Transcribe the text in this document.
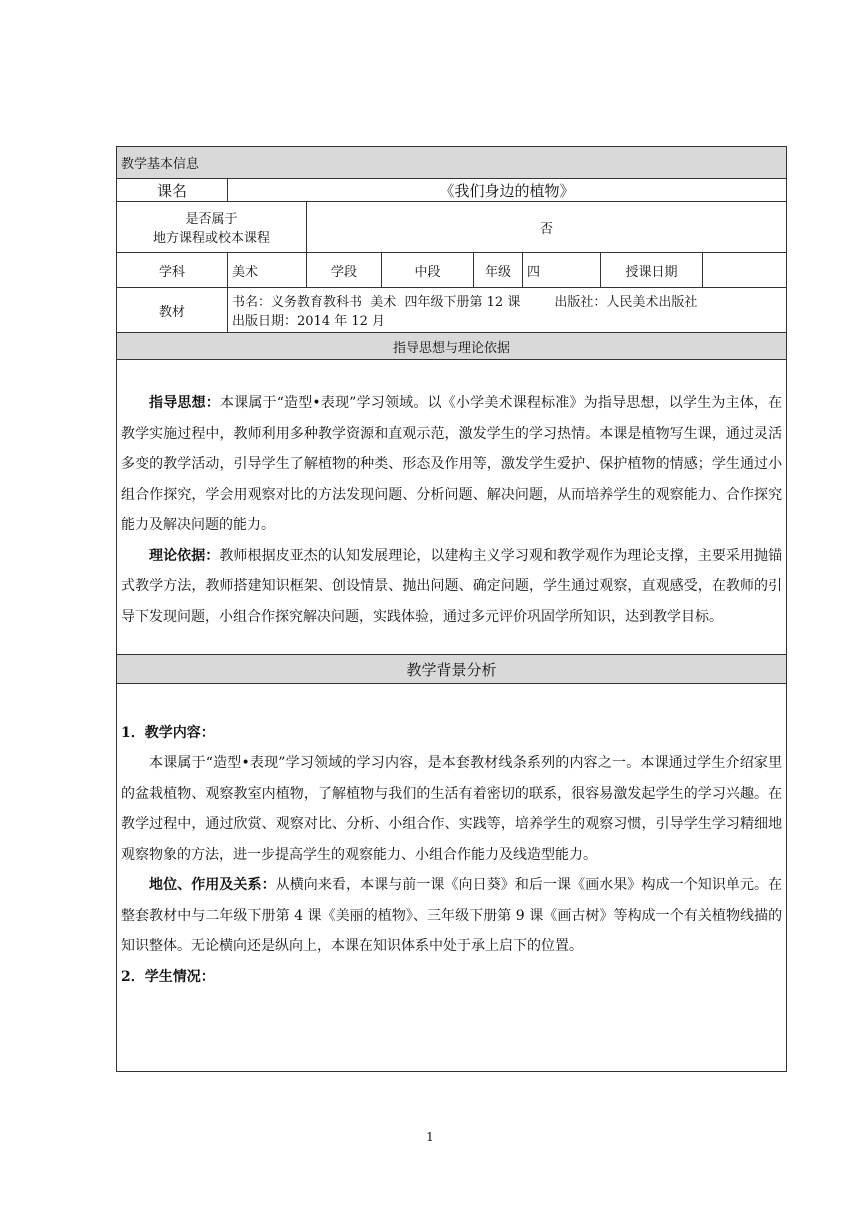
教学基本信息							
课名	《我们身边的植物》						

是否属于
地方课程或校本课程		否					
学科	美术	学段	中段	年级	四	授课日期	
教材	书名：义务教育教科书  美术  四年级下册第 12 课 出版社：人民美术出版社
出版日期：2014 年 12 月						

指导思想与理论依据							

指导思想：本课属于“造型•表现”学习领域。以《小学美术课程标准》为指导思想，以学生为主体，在教学实施过程中，教师利用多种教学资源和直观示范，激发学生的学习热情。本课是植物写生课，通过灵活多变的教学活动，引导学生了解植物的种类、形态及作用等，激发学生爱护、保护植物的情感；学生通过小组合作探究，学会用观察对比的方法发现问题、分析问题、解决问题，从而培养学生的观察能力、合作探究能力及解决问题的能力。

理论依据：教师根据皮亚杰的认知发展理论，以建构主义学习观和教学观作为理论支撑，主要采用抛锚式教学方法，教师搭建知识框架、创设情景、抛出问题、确定问题，学生通过观察，直观感受，在教师的引导下发现问题，小组合作探究解决问题，实践体验，通过多元评价巩固学所知识，达到教学目标。							

教学背景分析							

1．教学内容：

本课属于“造型•表现”学习领域的学习内容，是本套教材线条系列的内容之一。本课通过学生介绍家里的盆栽植物、观察教室内植物，了解植物与我们的生活有着密切的联系，很容易激发起学生的学习兴趣。在教学过程中，通过欣赏、观察对比、分析、小组合作、实践等，培养学生的观察习惯，引导学生学习精细地观察物象的方法，进一步提高学生的观察能力、小组合作能力及线造型能力。

地位、作用及关系：从横向来看，本课与前一课《向日葵》和后一课《画水果》构成一个知识单元。在整套教材中与二年级下册第 4 课《美丽的植物》、三年级下册第 9 课《画古树》等构成一个有关植物线描的知识整体。无论横向还是纵向上，本课在知识体系中处于承上启下的位置。

2．学生情况：							

1
